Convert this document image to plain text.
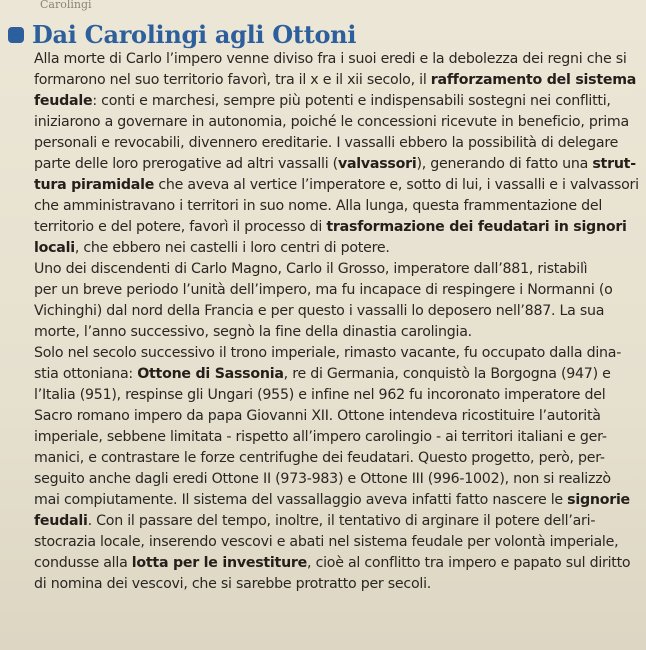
Carolingi
Dai Carolingi agli Ottoni
Alla morte di Carlo l’impero venne diviso fra i suoi eredi e la debolezza dei regni che si
formarono nel suo territorio favorì, tra il x e il xii secolo, il rafforzamento del sistema
feudale: conti e marchesi, sempre più potenti e indispensabili sostegni nei conflitti,
iniziarono a governare in autonomia, poiché le concessioni ricevute in beneficio, prima
personali e revocabili, divennero ereditarie. I vassalli ebbero la possibilità di delegare
parte delle loro prerogative ad altri vassalli (valvassori), generando di fatto una strut-
tura piramidale che aveva al vertice l’imperatore e, sotto di lui, i vassalli e i valvassori
che amministravano i territori in suo nome. Alla lunga, questa frammentazione del
territorio e del potere, favorì il processo di trasformazione dei feudatari in signori
locali, che ebbero nei castelli i loro centri di potere.
Uno dei discendenti di Carlo Magno, Carlo il Grosso, imperatore dall’881, ristabilì
per un breve periodo l’unità dell’impero, ma fu incapace di respingere i Normanni (o
Vichinghi) dal nord della Francia e per questo i vassalli lo deposero nell’887. La sua
morte, l’anno successivo, segnò la fine della dinastia carolingia.
Solo nel secolo successivo il trono imperiale, rimasto vacante, fu occupato dalla dina-
stia ottoniana: Ottone di Sassonia, re di Germania, conquistò la Borgogna (947) e
l’Italia (951), respinse gli Ungari (955) e infine nel 962 fu incoronato imperatore del
Sacro romano impero da papa Giovanni XII. Ottone intendeva ricostituire l’autorità
imperiale, sebbene limitata - rispetto all’impero carolingio - ai territori italiani e ger-
manici, e contrastare le forze centrifughe dei feudatari. Questo progetto, però, per-
seguito anche dagli eredi Ottone II (973-983) e Ottone III (996-1002), non si realizzò
mai compiutamente. Il sistema del vassallaggio aveva infatti fatto nascere le signorie
feudali. Con il passare del tempo, inoltre, il tentativo di arginare il potere dell’ari-
stocrazia locale, inserendo vescovi e abati nel sistema feudale per volontà imperiale,
condusse alla lotta per le investiture, cioè al conflitto tra impero e papato sul diritto
di nomina dei vescovi, che si sarebbe protratto per secoli.
